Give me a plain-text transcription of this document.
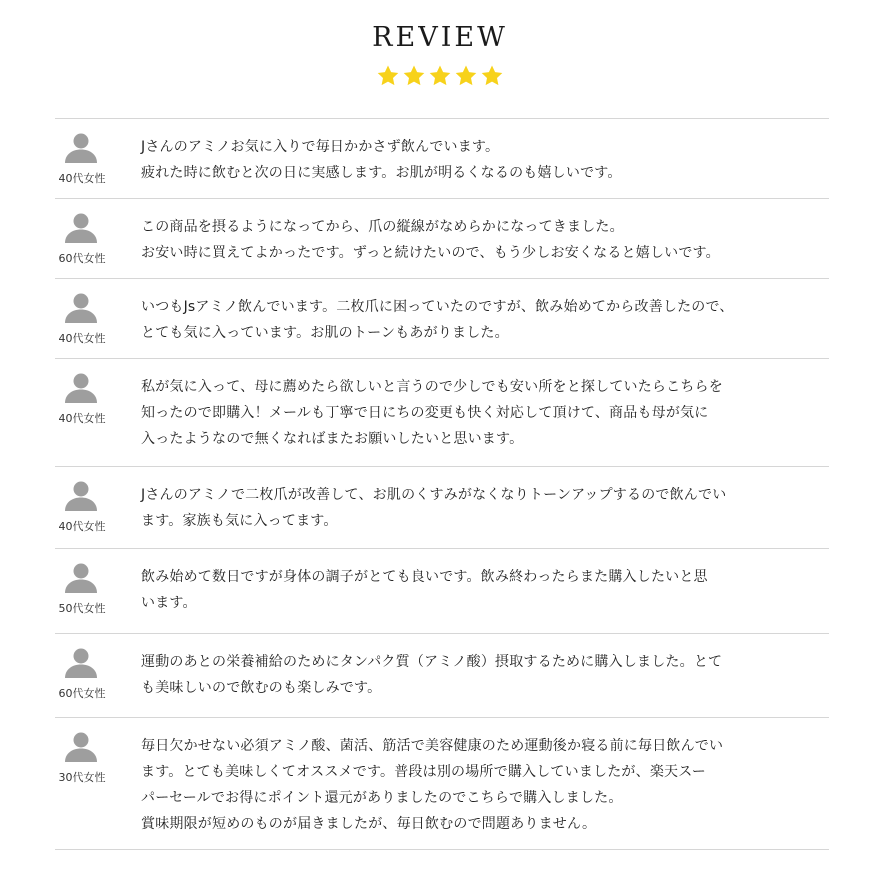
REVIEW
40代女性
Jさんのアミノお気に入りで毎日かかさず飲んでいます。
疲れた時に飲むと次の日に実感します。お肌が明るくなるのも嬉しいです。
60代女性
この商品を摂るようになってから、爪の縦線がなめらかになってきました。
お安い時に買えてよかったです。ずっと続けたいので、もう少しお安くなると嬉しいです。
40代女性
いつもJsアミノ飲んでいます。二枚爪に困っていたのですが、飲み始めてから改善したので、
とても気に入っています。お肌のトーンもあがりました。
40代女性
私が気に入って、母に薦めたら欲しいと言うので少しでも安い所をと探していたらこちらを
知ったので即購入！メールも丁寧で日にちの変更も快く対応して頂けて、商品も母が気に
入ったようなので無くなればまたお願いしたいと思います。
40代女性
Jさんのアミノで二枚爪が改善して、お肌のくすみがなくなりトーンアップするので飲んでい
ます。家族も気に入ってます。
50代女性
飲み始めて数日ですが身体の調子がとても良いです。飲み終わったらまた購入したいと思
います。
60代女性
運動のあとの栄養補給のためにタンパク質（アミノ酸）摂取するために購入しました。とて
も美味しいので飲むのも楽しみです。
30代女性
毎日欠かせない必須アミノ酸、菌活、筋活で美容健康のため運動後か寝る前に毎日飲んでい
ます。とても美味しくてオススメです。普段は別の場所で購入していましたが、楽天スー
パーセールでお得にポイント還元がありましたのでこちらで購入しました。
賞味期限が短めのものが届きましたが、毎日飲むので問題ありません。
